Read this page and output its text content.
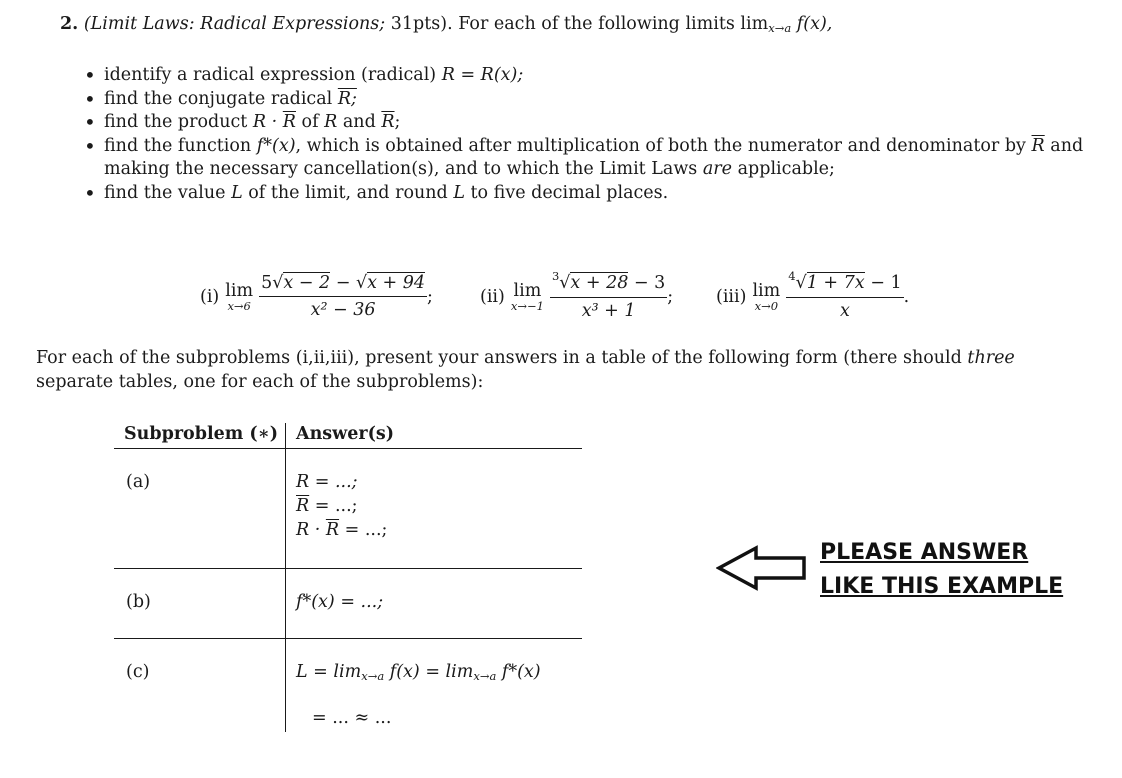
2. (Limit Laws: Radical Expressions; 31pts). For each of the following limits limx→a f(x),
• identify a radical expression (radical) R = R(x);
• find the conjugate radical R;
• find the product $R \cdot \overline{R}$ of R and $\overline{R}$;
• find the function f*(x), which is obtained after multiplication of both the numerator and denominator by $\overline{R}$ and making the necessary cancellation(s), and to which the Limit Laws are applicable;
• find the value L of the limit, and round L to five decimal places.
(i) lim
$x\to 6 \frac{5√x - 2 - √x + 94}{\text{x² − 36}}$ ;	(ii) lim
$x\to-1 \frac{^3√x + 28 - 3}{\text{x³ + 1}}$ ; (iii) lim
$x\to 0 \frac{^4√1 + 7x - 1}{x}$ .
For each of the subproblems (i,ii,iii), present your answers in a table of the following form (there should three separate tables, one for each of the subproblems):
Subproblem (∗) Answer(s)
(a)	R = ...;
$\overline{R}$ = ...;
$R \cdot \overline{R}$ = ...;
(b)	f*(x) = ...;
(c)	L = limx→a f(x) = limx→a f*(x)
= ... ≈ ...
PLEASE ANSWER
LIKE THIS EXAMPLE
